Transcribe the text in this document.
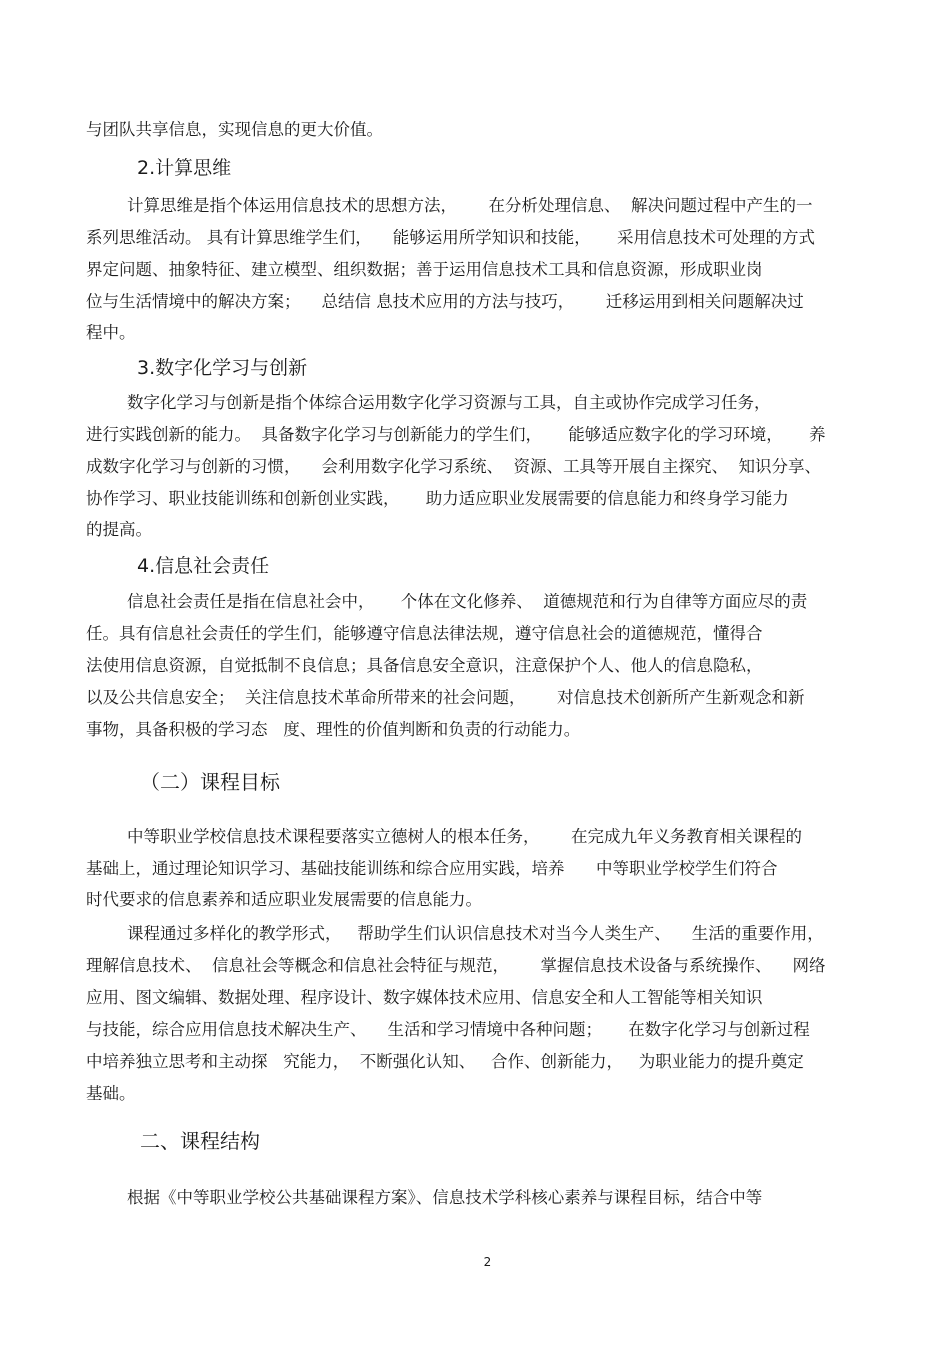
与团队共享信息，实现信息的更大价值。
2.计算思维
计算思维是指个体运用信息技术的思想方法，      在分析处理信息、  解决问题过程中产生的一
系列思维活动。 具有计算思维学生们，    能够运用所学知识和技能，     采用信息技术可处理的方式
界定问题、抽象特征、建立模型、组织数据；善于运用信息技术工具和信息资源，形成职业岗
位与生活情境中的解决方案；    总结信 息技术应用的方法与技巧，      迁移运用到相关问题解决过
程中。
3.数字化学习与创新
数字化学习与创新是指个体综合运用数字化学习资源与工具，自主或协作完成学习任务，
进行实践创新的能力。  具备数字化学习与创新能力的学生们，     能够适应数字化的学习环境，     养
成数字化学习与创新的习惯，    会利用数字化学习系统、  资源、工具等开展自主探究、  知识分享、
协作学习、职业技能训练和创新创业实践，     助力适应职业发展需要的信息能力和终身学习能力
的提高。
4.信息社会责任
信息社会责任是指在信息社会中，     个体在文化修养、  道德规范和行为自律等方面应尽的责
任。具有信息社会责任的学生们，能够遵守信息法律法规，遵守信息社会的道德规范，懂得合
法使用信息资源，自觉抵制不良信息；具备信息安全意识，注意保护个人、他人的信息隐私，
以及公共信息安全；  关注信息技术革命所带来的社会问题，      对信息技术创新所产生新观念和新
事物，具备积极的学习态   度、理性的价值判断和负责的行动能力。
（二）课程目标
中等职业学校信息技术课程要落实立德树人的根本任务，      在完成九年义务教育相关课程的
基础上，通过理论知识学习、基础技能训练和综合应用实践，培养      中等职业学校学生们符合
时代要求的信息素养和适应职业发展需要的信息能力。
课程通过多样化的教学形式，   帮助学生们认识信息技术对当今人类生产、    生活的重要作用，
理解信息技术、  信息社会等概念和信息社会特征与规范，      掌握信息技术设备与系统操作、    网络
应用、图文编辑、数据处理、程序设计、数字媒体技术应用、信息安全和人工智能等相关知识
与技能，综合应用信息技术解决生产、    生活和学习情境中各种问题；     在数字化学习与创新过程
中培养独立思考和主动探   究能力，  不断强化认知、   合作、创新能力，   为职业能力的提升奠定
基础。
二、课程结构
根据《中等职业学校公共基础课程方案》、信息技术学科核心素养与课程目标，结合中等
2
